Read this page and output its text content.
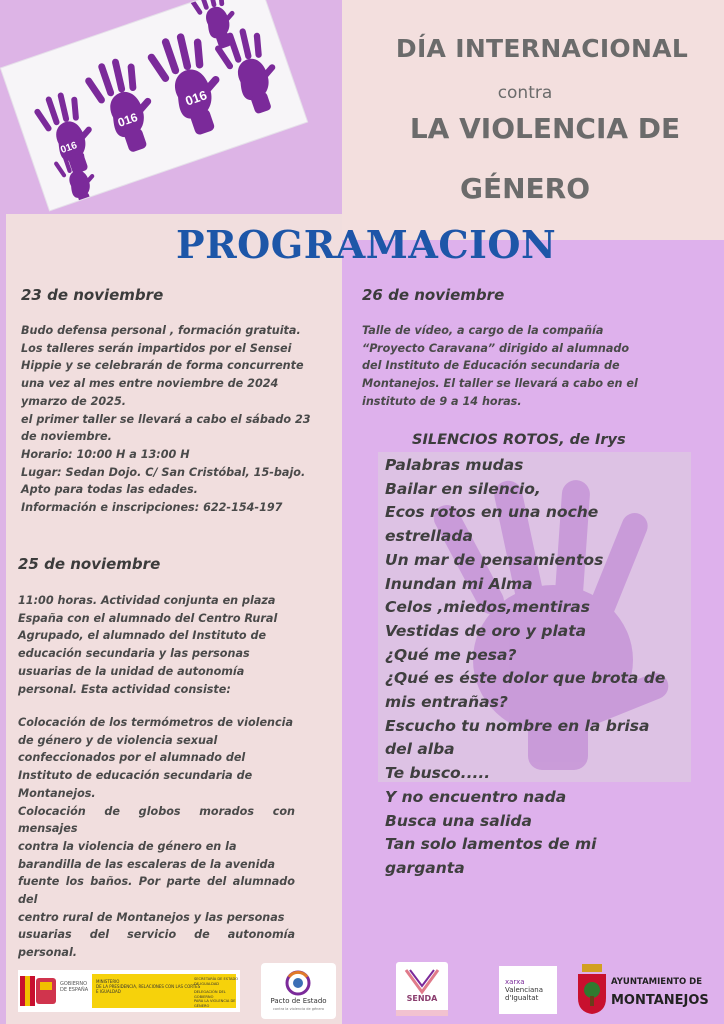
016
016
016
DÍA INTERNACIONAL
contra
LA VIOLENCIA DE
GÉNERO
PROGRAMACION
23 de noviembre

Budo defensa personal , formación gratuita.

Los talleres serán impartidos por el Sensei

Hippie y se celebrarán de forma concurrente

una vez al mes entre noviembre de 2024

ymarzo de 2025.

el primer taller se llevará a cabo el sábado 23

de noviembre.

Horario: 10:00 H a 13:00 H

Lugar: Sedan Dojo. C/ San Cristóbal, 15-bajo.

Apto para todas las edades.

Información e inscripciones: 622-154-197

25 de noviembre

11:00 horas. Actividad conjunta en plaza

España con el alumnado del Centro Rural

Agrupado, el alumnado del Instituto de

educación secundaria y las personas

usuarias de la unidad de autonomía

personal. Esta actividad consiste:

Colocación de los termómetros de violencia

de género y de violencia sexual

confeccionados por el alumnado del

Instituto de educación secundaria de

Montanejos.

Colocación de globos morados con mensajes

contra la violencia de género en la

barandilla de las escaleras de la avenida

fuente los baños. Por parte del alumnado del

centro rural de Montanejos y las personas

usuarias del servicio de autonomía personal.

26 de noviembre

Talle de vídeo, a cargo de la compañía

“Proyecto Caravana” dirigido al alumnado

del Instituto de Educación secundaria de

Montanejos. El taller se llevará a cabo en el

instituto de 9 a 14 horas.

SILENCIOS ROTOS, de Irys
Palabras mudas
Bailar en silencio,
Ecos rotos en una noche
estrellada
Un mar de pensamientos
Inundan mi Alma
Celos ,miedos,mentiras
Vestidas de oro y plata
¿Qué me pesa?
¿Qué es éste dolor que brota de
mis entrañas?
Escucho tu nombre en la brisa
del alba
Te busco.....
Y no encuentro nada
Busca una salida
Tan solo lamentos de mi
garganta
GOBIERNO
DE ESPAÑA
MINISTERIO
DE LA PRESIDENCIA, RELACIONES CON LAS CORTES
E IGUALDAD
SECRETARÍA DE ESTADO
DE IGUALDAD
DELEGACIÓN DEL GOBIERNO
PARA LA VIOLENCIA DE GÉNERO
Pacto de Estado
contra la violencia de género
SENDA
xarxa
Valenciana
d'Igualtat
AYUNTAMIENTO DE
MONTANEJOS
